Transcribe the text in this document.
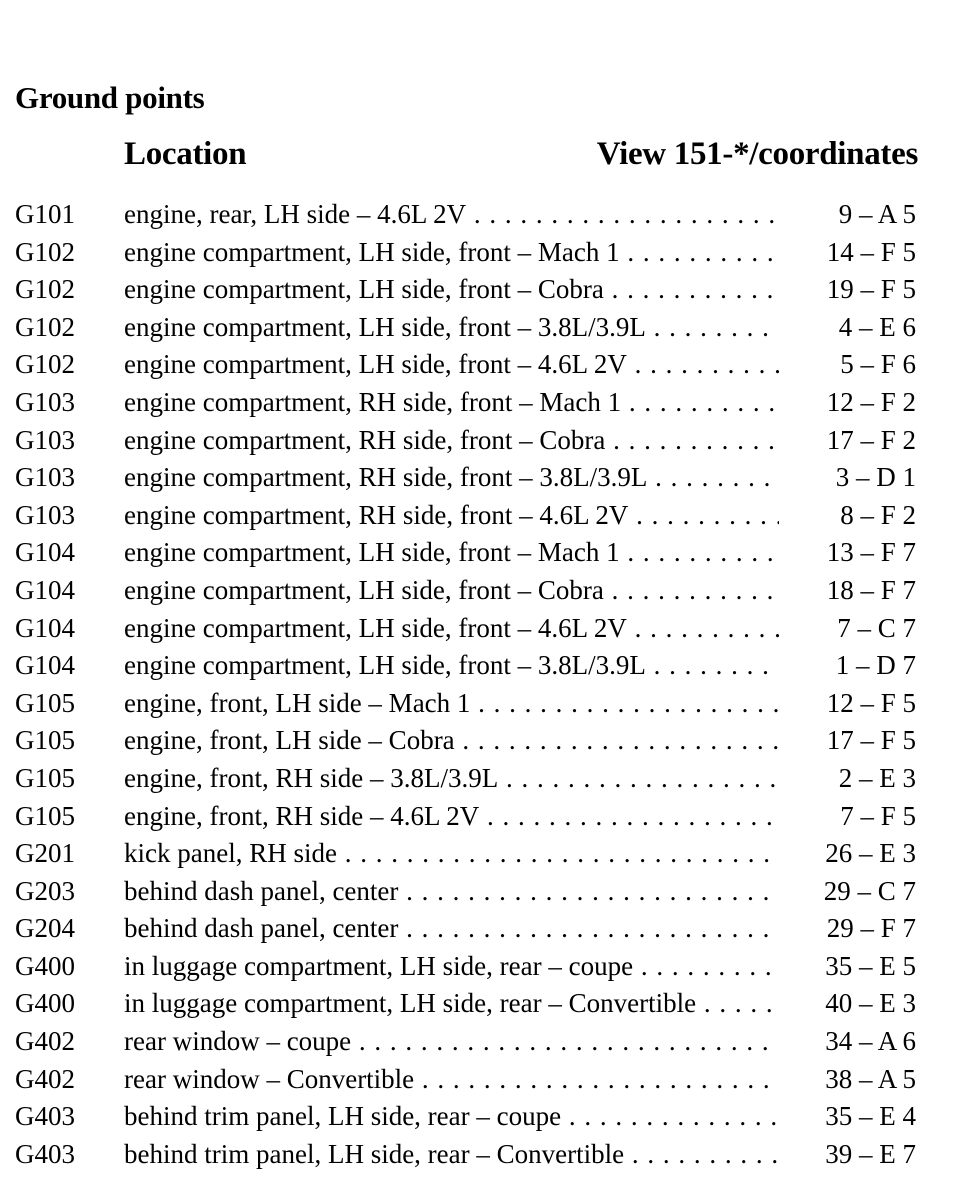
Ground points
Location	View 151-*/coordinates
G101 engine, rear, LH side – 4.6L 2V . . .	9 – A 5
G102 engine compartment, LH side, front – Mach 1 . . .	14 – F 5
G102 engine compartment, LH side, front – Cobra . . .	19 – F 5
G102 engine compartment, LH side, front – 3.8L/3.9L . . .	4 – E 6
G102 engine compartment, LH side, front – 4.6L 2V . . .	5 – F 6
G103 engine compartment, RH side, front – Mach 1 . . .	12 – F 2
G103 engine compartment, RH side, front – Cobra . . .	17 – F 2
G103 engine compartment, RH side, front – 3.8L/3.9L . . .	3 – D 1
G103 engine compartment, RH side, front – 4.6L 2V . . .	8 – F 2
G104 engine compartment, LH side, front – Mach 1 . . .	13 – F 7
G104 engine compartment, LH side, front – Cobra . . .	18 – F 7
G104 engine compartment, LH side, front – 4.6L 2V . . .	7 – C 7
G104 engine compartment, LH side, front – 3.8L/3.9L . . .	1 – D 7
G105 engine, front, LH side – Mach 1 . . .	12 – F 5
G105 engine, front, LH side – Cobra . . .	17 – F 5
G105 engine, front, RH side – 3.8L/3.9L . . .	2 – E 3
G105 engine, front, RH side – 4.6L 2V . . .	7 – F 5
G201 kick panel, RH side . . .	26 – E 3
G203 behind dash panel, center . . .	29 – C 7
G204 behind dash panel, center . . .	29 – F 7
G400 in luggage compartment, LH side, rear – coupe . . .	35 – E 5
G400 in luggage compartment, LH side, rear – Convertible . . .	40 – E 3
G402 rear window – coupe . . .	34 – A 6
G402 rear window – Convertible . . .	38 – A 5
G403 behind trim panel, LH side, rear – coupe . . .	35 – E 4
G403 behind trim panel, LH side, rear – Convertible . . .	39 – E 7
